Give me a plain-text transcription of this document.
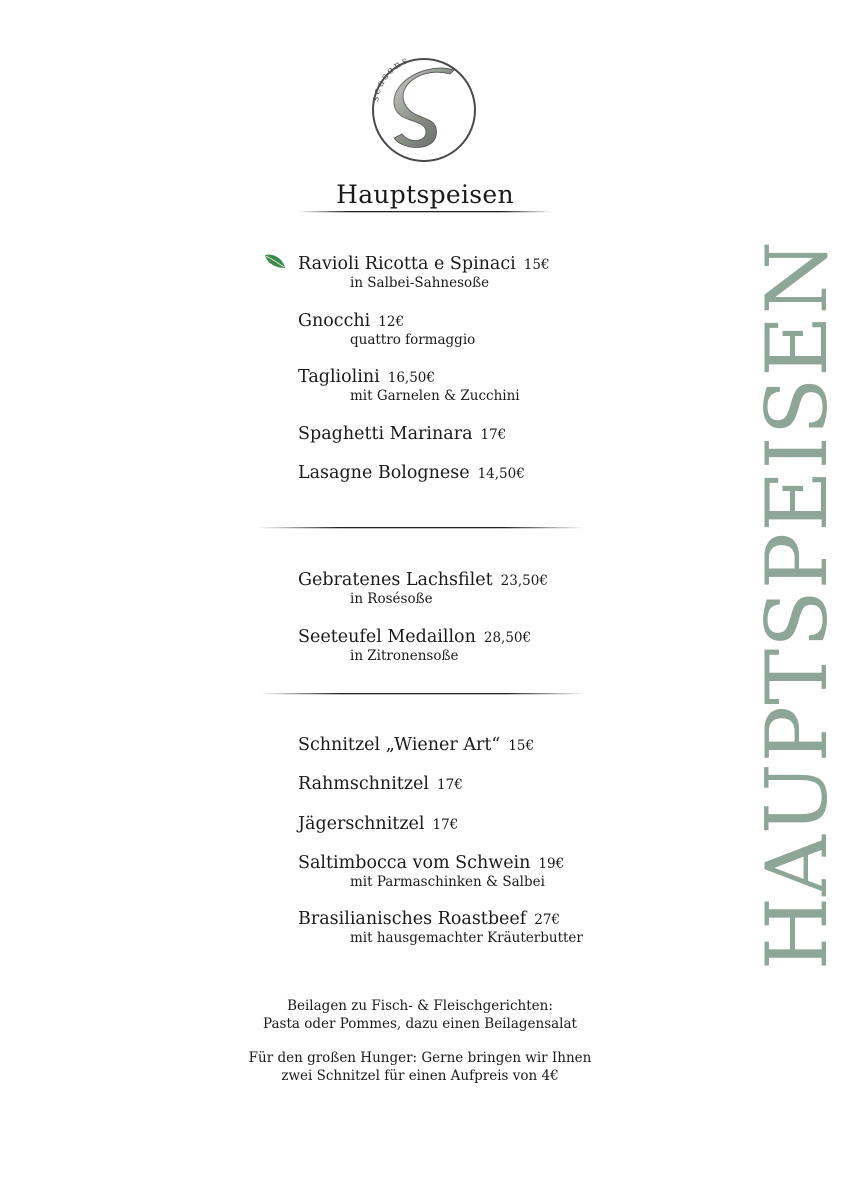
seasons
Hauptspeisen
HAUPTSPEISEN
Ravioli Ricotta e Spinaci 15€
in Salbei-Sahnesoße
Gnocchi 12€
quattro formaggio
Tagliolini 16,50€
mit Garnelen & Zucchini
Spaghetti Marinara 17€
Lasagne Bolognese 14,50€
Gebratenes Lachsfilet 23,50€
in Rosésoße
Seeteufel Medaillon 28,50€
in Zitronensoße
Schnitzel „Wiener Art“ 15€
Rahmschnitzel 17€
Jägerschnitzel 17€
Saltimbocca vom Schwein 19€
mit Parmaschinken & Salbei
Brasilianisches Roastbeef 27€
mit hausgemachter Kräuterbutter
Beilagen zu Fisch- & Fleischgerichten:
Pasta oder Pommes, dazu einen Beilagensalat
Für den großen Hunger: Gerne bringen wir Ihnen
zwei Schnitzel für einen Aufpreis von 4€
